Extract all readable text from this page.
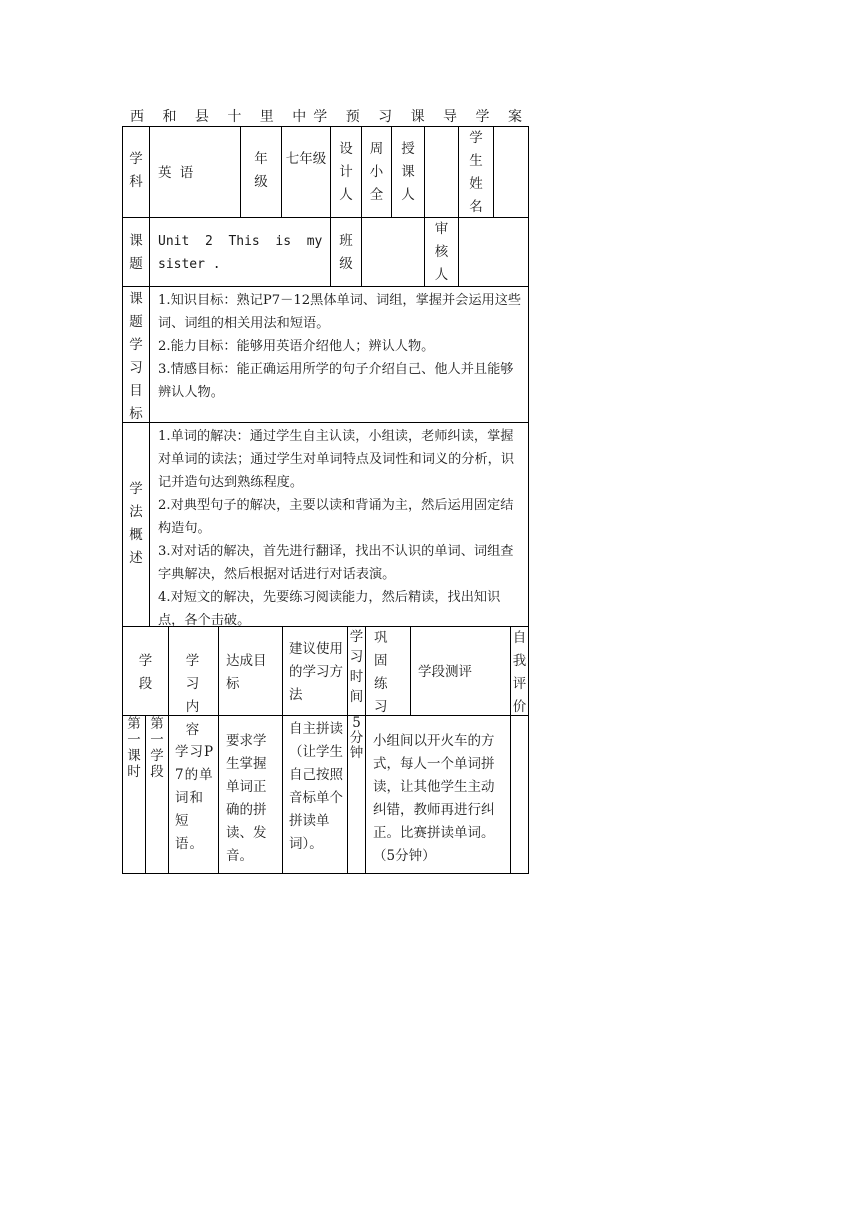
西 和 县 十 里 中学 预 习 课 导 学 案
学科
英 语
年级
七年级
设计人
周小全
授课人
学生姓名
课题
Unit  2  This  is  my
sister .
班级
审核人
课题学习目标
1.知识目标：熟记P7－12黑体单词、词组，掌握并会运用这些词、词组的相关用法和短语。
2.能力目标：能够用英语介绍他人；辨认人物。
3.情感目标：能正确运用所学的句子介绍自己、他人并且能够辨认人物。
学法概述
1.单词的解决：通过学生自主认读，小组读，老师纠读，掌握对单词的读法；通过学生对单词特点及词性和词义的分析，识记并造句达到熟练程度。
2.对典型句子的解决，主要以读和背诵为主，然后运用固定结构造句。
3.对对话的解决，首先进行翻译，找出不认识的单词、词组查字典解决，然后根据对话进行对话表演。
4.对短文的解决，先要练习阅读能力，然后精读，找出知识点，各个击破。
学段
学习内容
达成目标
建议使用的学习方法
学习时间
巩固练习
学段测评
自我评价
第一课时
第一学段
学习P7的单词和短语。
要求学生掌握单词正确的拼读、发音。
自主拼读（让学生自己按照音标单个拼读单词）。
5分钟
小组间以开火车的方式，每人一个单词拼读，让其他学生主动纠错，教师再进行纠正。比赛拼读单词。（5分钟）
